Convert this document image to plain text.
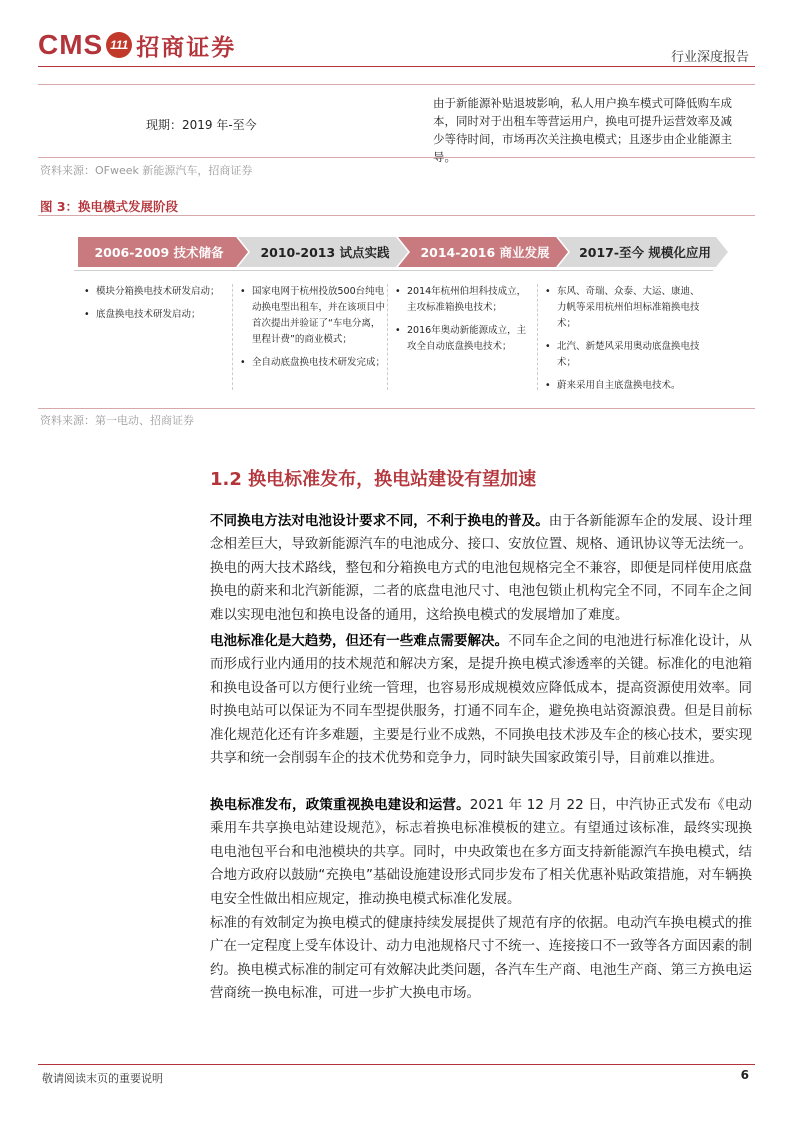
CMS 111 招商证券	行业深度报告
现期：2019 年-至今
由于新能源补贴退坡影响，私人用户换车模式可降低购车成本，同时对于出租车等营运用户，换电可提升运营效率及减少等待时间，市场再次关注换电模式；且逐步由企业能源主导。
资料来源：OFweek 新能源汽车，招商证券
图 3：换电模式发展阶段
2006-2009 技术储备	2010-2013 试点实践 2014-2016 商业发展 2017-至今 规模化应用
• 模块分箱换电技术研发启动；
• 底盘换电技术研发启动；
• 国家电网于杭州投放500台纯电动换电型出租车，并在该项目中首次提出并验证了“车电分离，里程计费”的商业模式；
• 全自动底盘换电技术研发完成；
• 2014年杭州伯坦科技成立，主攻标准箱换电技术；
• 2016年奥动新能源成立，主攻全自动底盘换电技术；
• 东风、奇瑞、众泰、大运、康迪、力帆等采用杭州伯坦标准箱换电技术；
• 北汽、新楚风采用奥动底盘换电技术；
• 蔚来采用自主底盘换电技术。
资料来源：第一电动、招商证券
1.2 换电标准发布，换电站建设有望加速
不同换电方法对电池设计要求不同，不利于换电的普及。由于各新能源车企的发展、设计理念相差巨大，导致新能源汽车的电池成分、接口、安放位置、规格、通讯协议等无法统一。换电的两大技术路线，整包和分箱换电方式的电池包规格完全不兼容，即便是同样使用底盘换电的蔚来和北汽新能源，二者的底盘电池尺寸、电池包锁止机构完全不同，不同车企之间难以实现电池包和换电设备的通用，这给换电模式的发展增加了难度。
电池标准化是大趋势，但还有一些难点需要解决。不同车企之间的电池进行标准化设计，从而形成行业内通用的技术规范和解决方案，是提升换电模式渗透率的关键。标准化的电池箱和换电设备可以方便行业统一管理，也容易形成规模效应降低成本，提高资源使用效率。同时换电站可以保证为不同车型提供服务，打通不同车企，避免换电站资源浪费。但是目前标准化规范化还有许多难题，主要是行业不成熟，不同换电技术涉及车企的核心技术，要实现共享和统一会削弱车企的技术优势和竞争力，同时缺失国家政策引导，目前难以推进。
换电标准发布，政策重视换电建设和运营。2021 年 12 月 22 日，中汽协正式发布《电动乘用车共享换电站建设规范》，标志着换电标准模板的建立。有望通过该标准，最终实现换电电池包平台和电池模块的共享。同时，中央政策也在多方面支持新能源汽车换电模式，结合地方政府以鼓励“充换电”基础设施建设形式同步发布了相关优惠补贴政策措施，对车辆换电安全性做出相应规定，推动换电模式标准化发展。
标准的有效制定为换电模式的健康持续发展提供了规范有序的依据。电动汽车换电模式的推广在一定程度上受车体设计、动力电池规格尺寸不统一、连接接口不一致等各方面因素的制约。换电模式标准的制定可有效解决此类问题，各汽车生产商、电池生产商、第三方换电运营商统一换电标准，可进一步扩大换电市场。
敬请阅读末页的重要说明	6
